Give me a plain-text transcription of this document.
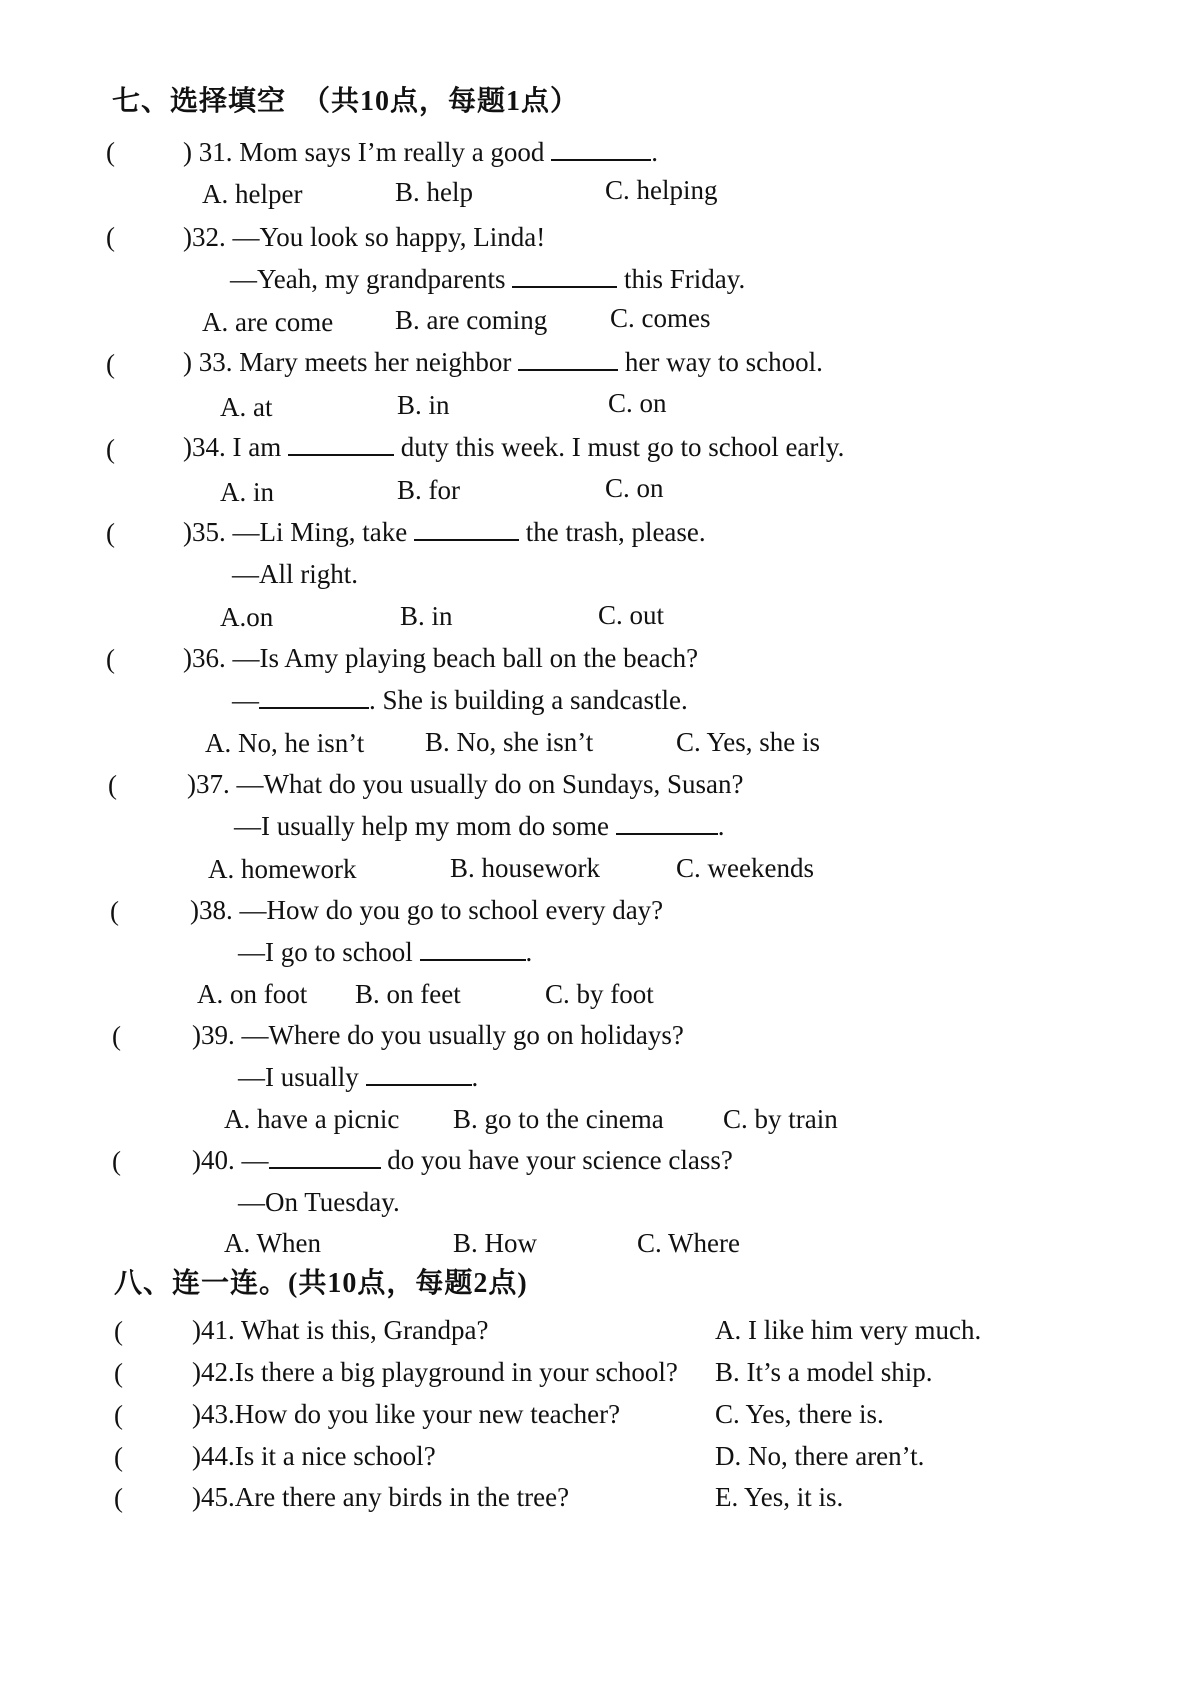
七、选择填空  （共10点，每题1点）
(	) 31. Mom says I’m really a good	.
A. helper	B. help	C. helping
(	)32. —You look so happy, Linda!
—Yeah, my grandparents	this Friday.
A. are come B. are coming C. comes
(	) 33. Mary meets her neighbor	her way to school.
A. at	B. in	C. on
(	)34. I am	duty this week. I must go to school early.
A. in	B. for	C. on
(	)35. —Li Ming, take	the trash, please.
—All right.
A.on	B. in	C. out
(	)36. —Is Amy playing beach ball on the beach?
—	. She is building a sandcastle.
A. No, he isn’t B. No, she isn’t	C. Yes, she is
(	)37. —What do you usually do on Sundays, Susan?
—I usually help my mom do some	.
A. homework	B. housework	C. weekends
(	)38. —How do you go to school every day?
—I go to school	.
A. on foot B. on feet	C. by foot
(	)39. —Where do you usually go on holidays?
—I usually	.
A. have a picnic B. go to the cinema C. by train
(	)40. —	do you have your science class?
—On Tuesday.
A. When	B. How	C. Where
八、连一连。(共10点，每题2点)
(	)41. What is this, Grandpa?	A. I like him very much.
(	)42.Is there a big playground in your school? B. It’s a model ship.
(	)43.How do you like your new teacher?	C. Yes, there is.
(	)44.Is it a nice school?	D. No, there aren’t.
(	)45.Are there any birds in the tree?	E. Yes, it is.
